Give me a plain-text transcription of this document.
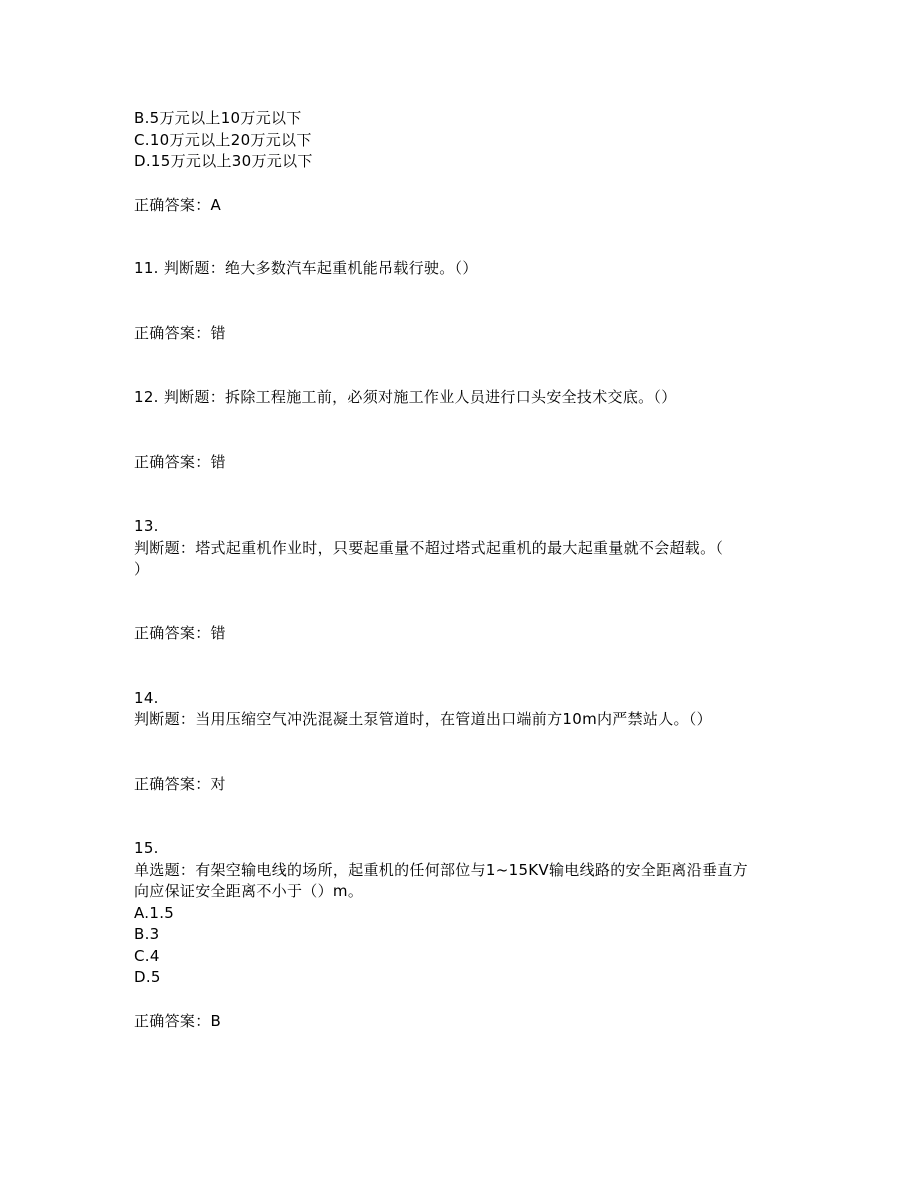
B.5万元以上10万元以下
C.10万元以上20万元以下
D.15万元以上30万元以下
正确答案：A
11. 判断题：绝大多数汽车起重机能吊载行驶。（）
正确答案：错
12. 判断题：拆除工程施工前，必须对施工作业人员进行口头安全技术交底。（）
正确答案：错
13.
判断题：塔式起重机作业时，只要起重量不超过塔式起重机的最大起重量就不会超载。（
）
正确答案：错
14.
判断题：当用压缩空气冲洗混凝土泵管道时，在管道出口端前方10m内严禁站人。（）
正确答案：对
15.
单选题：有架空输电线的场所，起重机的任何部位与1~15KV输电线路的安全距离沿垂直方
向应保证安全距离不小于（）m。
A.1.5
B.3
C.4
D.5
正确答案：B
